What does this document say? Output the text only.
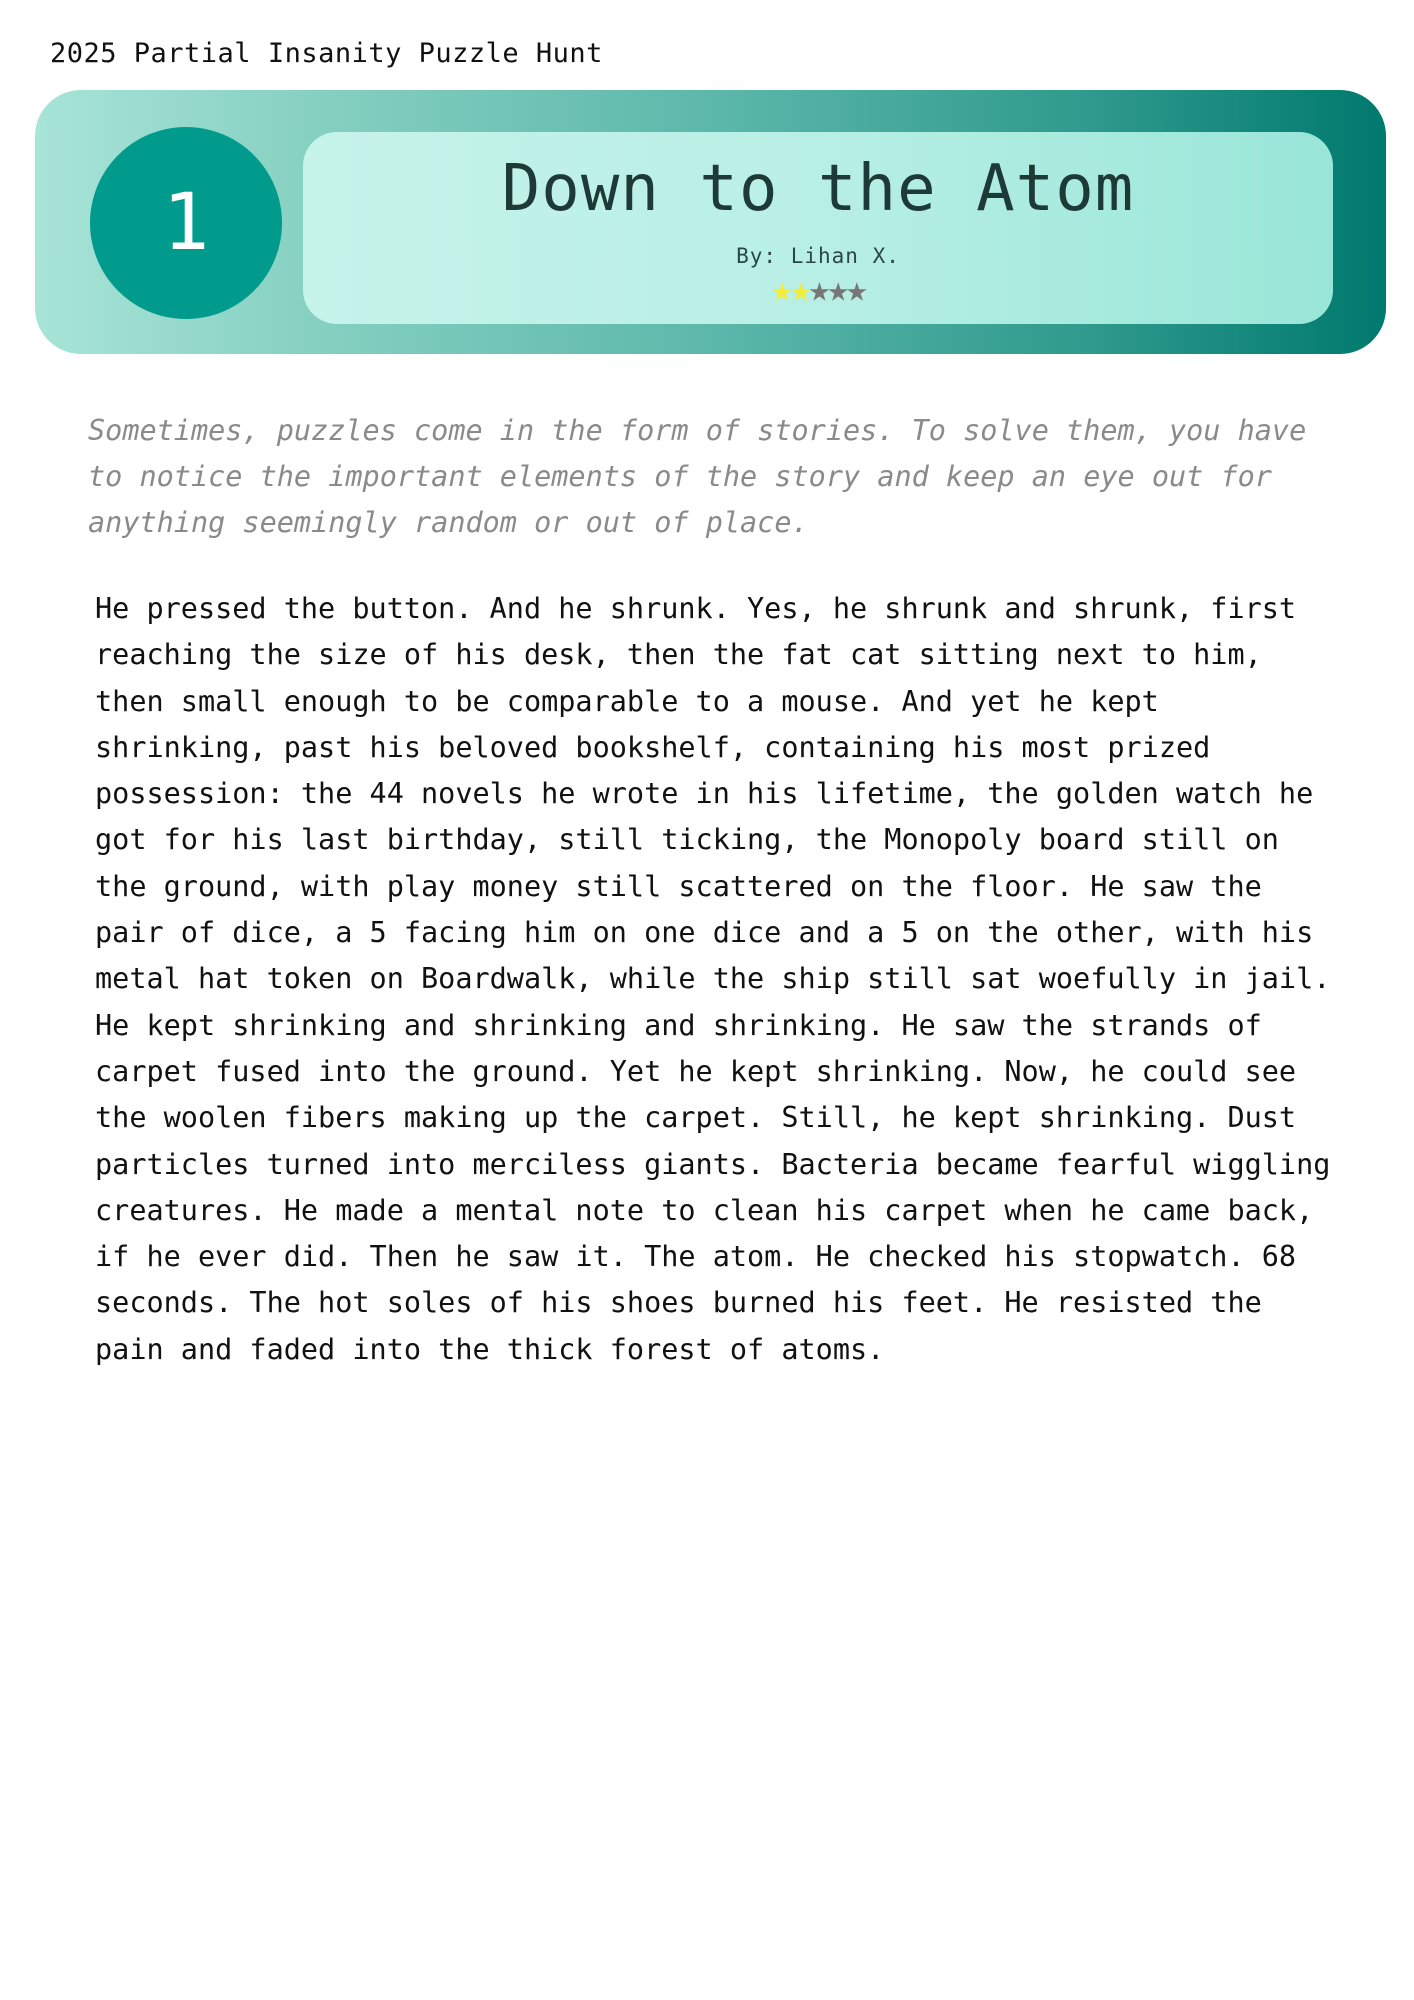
2025 Partial Insanity Puzzle Hunt
1	Down to the Atom
By: Lihan X.
★★★★★

Sometimes, puzzles come in the form of stories. To solve them, you have to notice the important elements of the story and keep an eye out for anything seemingly random or out of place.

He pressed the button. And he shrunk. Yes, he shrunk and shrunk, first reaching the size of his desk, then the fat cat sitting next to him, then small enough to be comparable to a mouse. And yet he kept shrinking, past his beloved bookshelf, containing his most prized possession: the 44 novels he wrote in his lifetime, the golden watch he got for his last birthday, still ticking, the Monopoly board still on the ground, with play money still scattered on the floor. He saw the pair of dice, a 5 facing him on one dice and a 5 on the other, with his metal hat token on Boardwalk, while the ship still sat woefully in jail. He kept shrinking and shrinking and shrinking. He saw the strands of carpet fused into the ground. Yet he kept shrinking. Now, he could see the woolen fibers making up the carpet. Still, he kept shrinking. Dust particles turned into merciless giants. Bacteria became fearful wiggling creatures. He made a mental note to clean his carpet when he came back, if he ever did. Then he saw it. The atom. He checked his stopwatch. 68 seconds. The hot soles of his shoes burned his feet. He resisted the pain and faded into the thick forest of atoms.
